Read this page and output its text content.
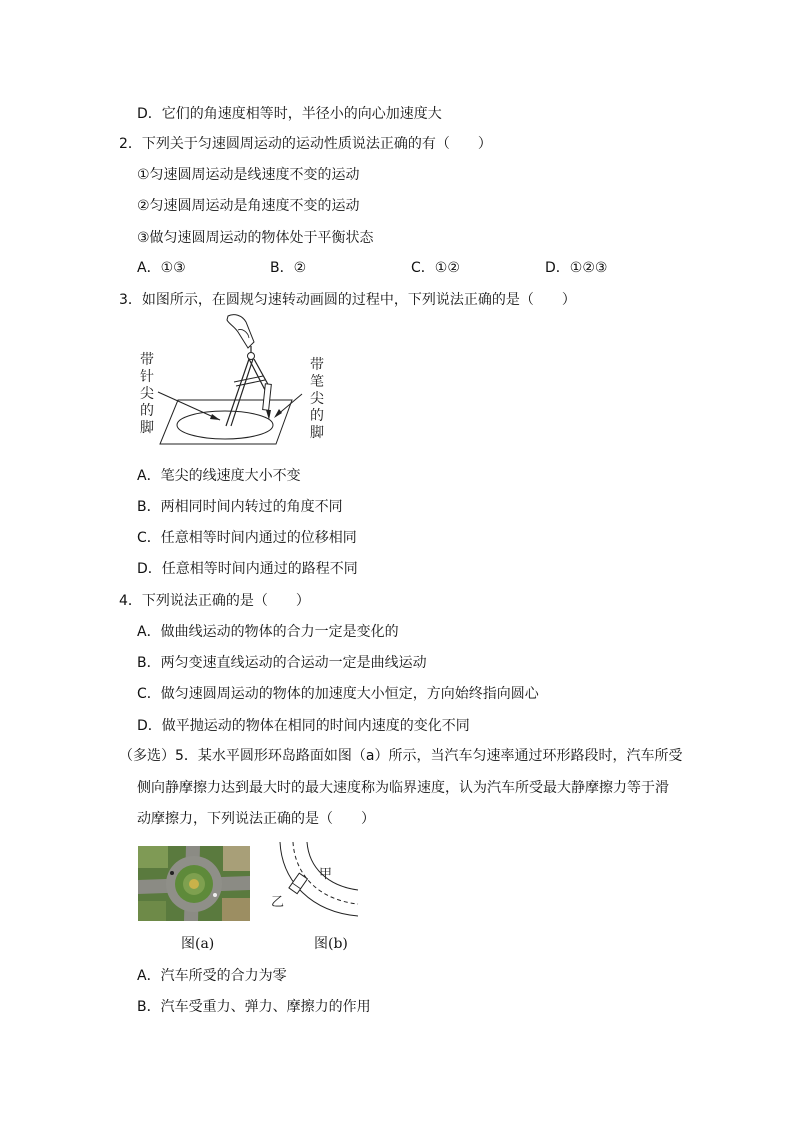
D．它们的角速度相等时，半径小的向心加速度大
2．下列关于匀速圆周运动的运动性质说法正确的有（　　）
①匀速圆周运动是线速度不变的运动
②匀速圆周运动是角速度不变的运动
③做匀速圆周运动的物体处于平衡状态
A．①③	B．②	C．①②	D．①②③
3．如图所示，在圆规匀速转动画圆的过程中，下列说法正确的是（　　）
带
针
尖
的
脚
带
笔
尖
的
脚
A．笔尖的线速度大小不变
B．两相同时间内转过的角度不同
C．任意相等时间内通过的位移相同
D．任意相等时间内通过的路程不同
4．下列说法正确的是（　　）
A．做曲线运动的物体的合力一定是变化的
B．两匀变速直线运动的合运动一定是曲线运动
C．做匀速圆周运动的物体的加速度大小恒定，方向始终指向圆心
D．做平抛运动的物体在相同的时间内速度的变化不同
（多选）5．某水平圆形环岛路面如图（a）所示，当汽车匀速率通过环形路段时，汽车所受
侧向静摩擦力达到最大时的最大速度称为临界速度，认为汽车所受最大静摩擦力等于滑
动摩擦力，下列说法正确的是（　　）
图(a)
甲
乙
图(b)
A．汽车所受的合力为零
B．汽车受重力、弹力、摩擦力的作用
